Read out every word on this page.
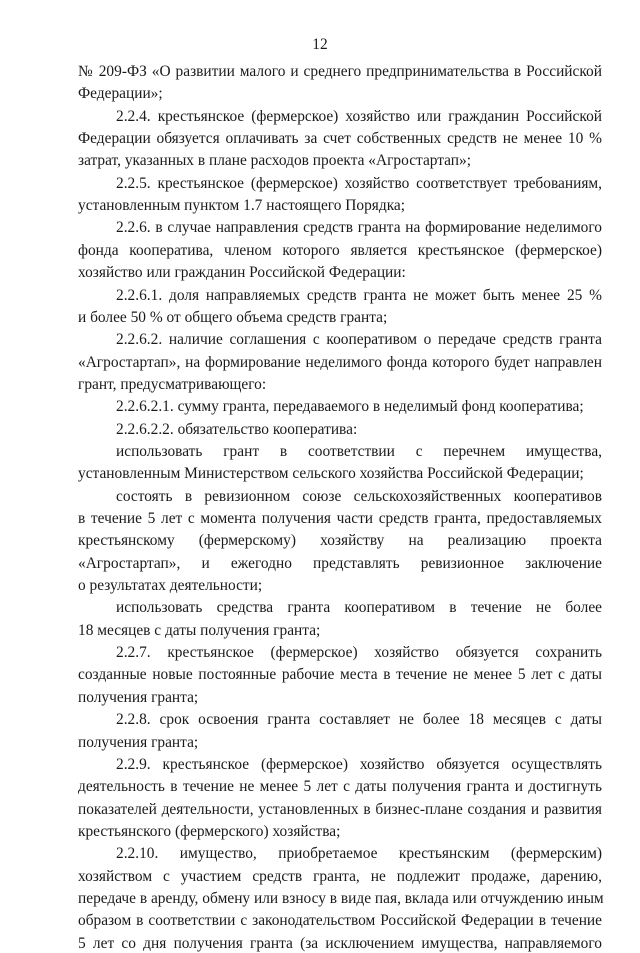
12
№ 209-ФЗ «О развитии малого и среднего предпринимательства в Российской
Федерации»;
2.2.4. крестьянское (фермерское) хозяйство или гражданин Российской
Федерации обязуется оплачивать за счет собственных средств не менее 10 %
затрат, указанных в плане расходов проекта «Агростартап»;
2.2.5. крестьянское (фермерское) хозяйство соответствует требованиям,
установленным пунктом 1.7 настоящего Порядка;
2.2.6. в случае направления средств гранта на формирование неделимого
фонда кооператива, членом которого является крестьянское (фермерское)
хозяйство или гражданин Российской Федерации:
2.2.6.1. доля направляемых средств гранта не может быть менее 25 %
и более 50 % от общего объема средств гранта;
2.2.6.2. наличие соглашения с кооперативом о передаче средств гранта
«Агростартап», на формирование неделимого фонда которого будет направлен
грант, предусматривающего:
2.2.6.2.1. сумму гранта, передаваемого в неделимый фонд кооператива;
2.2.6.2.2. обязательство кооператива:
использовать грант в соответствии с перечнем имущества,
установленным Министерством сельского хозяйства Российской Федерации;
состоять в ревизионном союзе сельскохозяйственных кооперативов
в течение 5 лет с момента получения части средств гранта, предоставляемых
крестьянскому (фермерскому) хозяйству на реализацию проекта
«Агростартап», и ежегодно представлять ревизионное заключение
о результатах деятельности;
использовать средства гранта кооперативом в течение не более
18 месяцев с даты получения гранта;
2.2.7. крестьянское (фермерское) хозяйство обязуется сохранить
созданные новые постоянные рабочие места в течение не менее 5 лет с даты
получения гранта;
2.2.8. срок освоения гранта составляет не более 18 месяцев с даты
получения гранта;
2.2.9. крестьянское (фермерское) хозяйство обязуется осуществлять
деятельность в течение не менее 5 лет с даты получения гранта и достигнуть
показателей деятельности, установленных в бизнес-плане создания и развития
крестьянского (фермерского) хозяйства;
2.2.10. имущество, приобретаемое крестьянским (фермерским)
хозяйством с участием средств гранта, не подлежит продаже, дарению,
передаче в аренду, обмену или взносу в виде пая, вклада или отчуждению иным
образом в соответствии с законодательством Российской Федерации в течение
5 лет со дня получения гранта (за исключением имущества, направляемого
